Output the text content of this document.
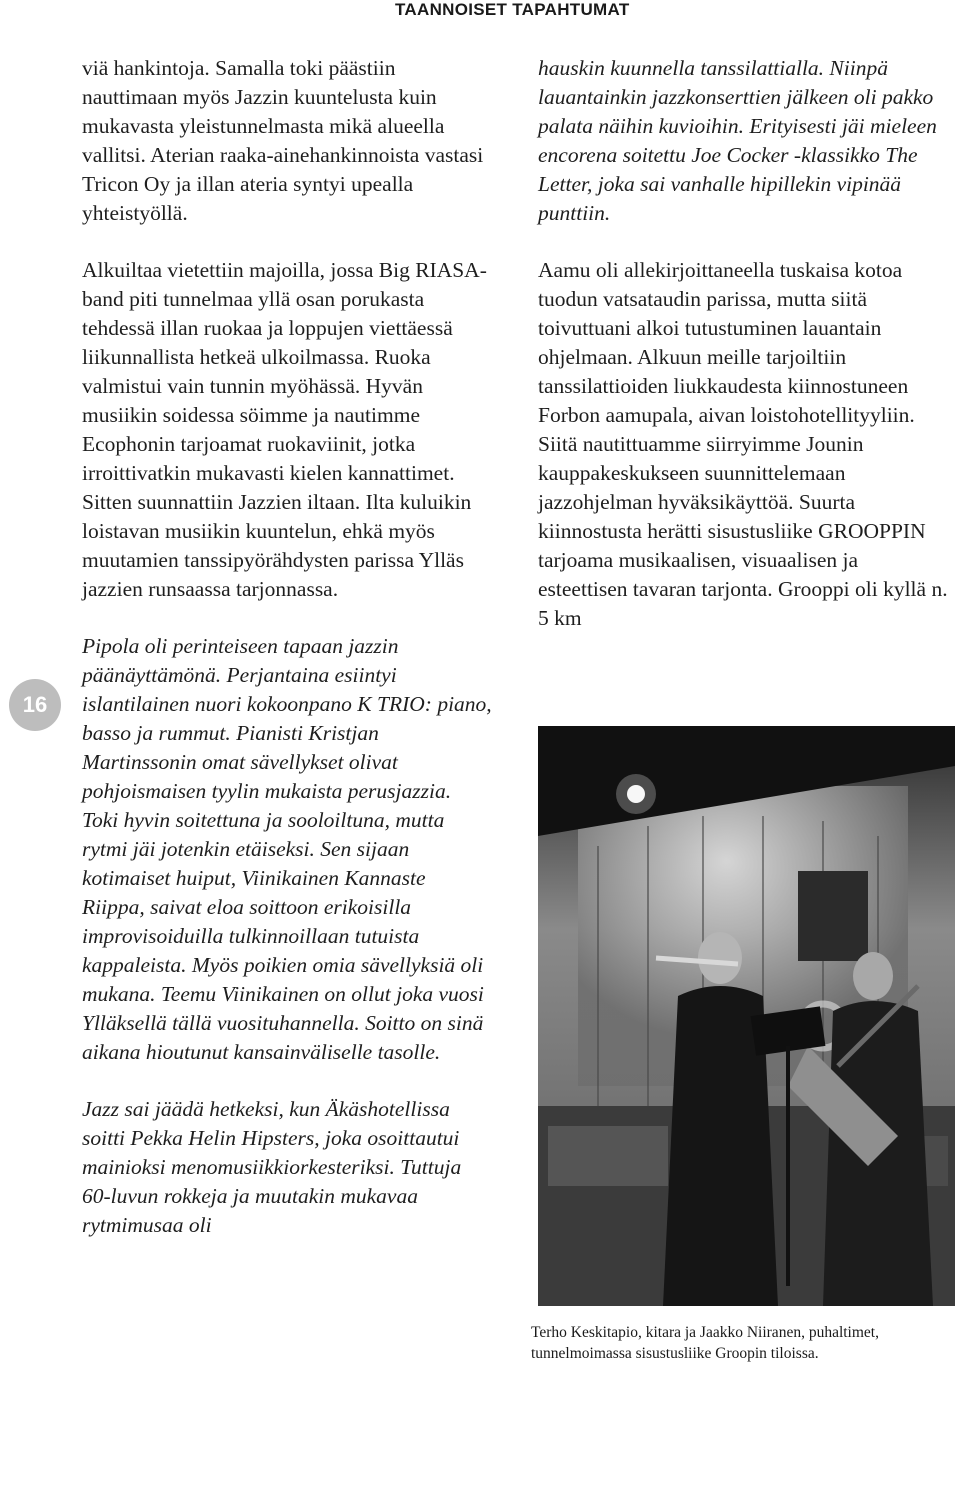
TAANNOISET TAPAHTUMAT
16

viä hankintoja. Samalla toki päästiin nauttimaan myös Jazzin kuuntelusta kuin mukavasta yleistunnelmasta mikä alueella vallitsi. Aterian raaka-ainehankinnoista vastasi Tricon Oy ja illan ateria syntyi upealla yhteistyöllä.

Alkuiltaa vietettiin majoilla, jossa Big RIASA- band piti tunnelmaa yllä osan porukasta tehdessä illan ruokaa ja loppujen viettäessä liikunnallista hetkeä ulkoilmassa. Ruoka valmistui vain tunnin myöhässä. Hyvän musiikin soidessa söimme ja nautimme Ecophonin tarjoamat ruokaviinit, jotka irroittivatkin mukavasti kielen kannattimet. Sitten suunnattiin Jazzien iltaan. Ilta kuluikin loistavan musiikin kuuntelun, ehkä myös muutamien tanssipyörähdysten parissa Ylläs jazzien runsaassa tarjonnassa.

Pipola oli perinteiseen tapaan jazzin päänäyttämönä. Perjantaina esiintyi islantilainen nuori kokoonpano K TRIO: piano, basso ja rummut. Pianisti Kristjan Martinssonin omat sävellykset olivat pohjoismaisen tyylin mukaista perusjazzia. Toki hyvin soitettuna ja sooloiltuna, mutta rytmi jäi jotenkin etäiseksi. Sen sijaan kotimaiset huiput, Viinikainen Kannaste Riippa, saivat eloa soittoon erikoisilla improvisoiduilla tulkinnoillaan tutuista kappaleista. Myös poikien omia sävellyksiä oli mukana. Teemu Viinikainen on ollut joka vuosi Ylläksellä tällä vuosituhannella. Soitto on sinä aikana hioutunut kansainväliselle tasolle.

Jazz sai jäädä hetkeksi, kun Äkäshotellissa soitti Pekka Helin Hipsters, joka osoittautui mainioksi menomusiikkiorkesteriksi. Tuttuja 60-luvun rokkeja ja muutakin mukavaa rytmimusaa oli

hauskin kuunnella tanssilattialla. Niinpä lauantainkin jazzkonserttien jälkeen oli pakko palata näihin kuvioihin. Erityisesti jäi mieleen encorena soitettu Joe Cocker -klassikko The Letter, joka sai vanhalle hipillekin vipinää punttiin.

Aamu oli allekirjoittaneella tuskaisa kotoa tuodun vatsataudin parissa, mutta siitä toivuttuani alkoi tutustuminen lauantain ohjelmaan. Alkuun meille tarjoiltiin tanssilattioiden liukkaudesta kiinnostuneen Forbon aamupala, aivan loistohotellityyliin. Siitä nautittuamme siirryimme Jounin kauppakeskukseen suunnittelemaan jazzohjelman hyväksikäyttöä. Suurta kiinnostusta herätti sisustusliike GROOPPIN tarjoama musikaalisen, visuaalisen ja esteettisen tavaran tarjonta. Grooppi oli kyllä n. 5 km

Terho Keskitapio, kitara ja Jaakko Niiranen, puhaltimet, tunnelmoimassa sisustusliike Groopin tiloissa.
